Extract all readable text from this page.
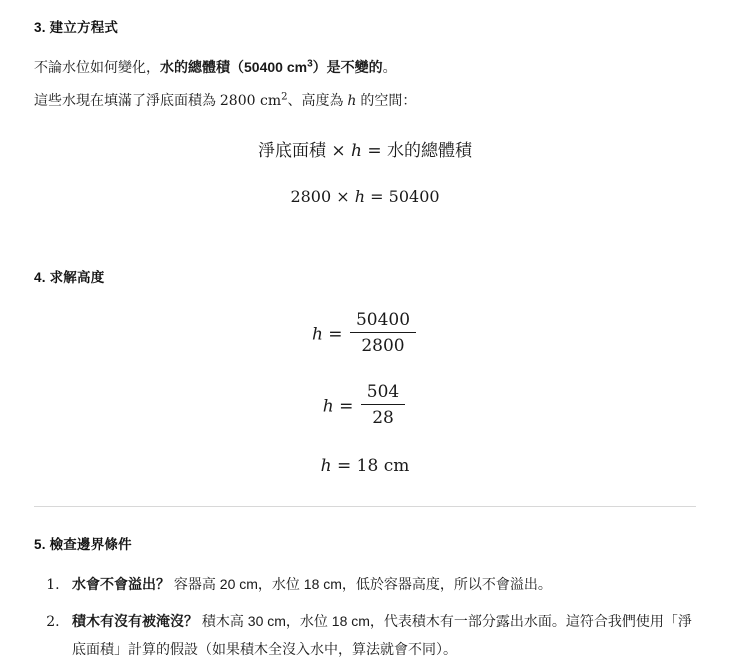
3. 建立方程式

不論水位如何變化，水的總體積（50400 $cm^3$）是不變的。

這些水現在填滿了淨底面積為 2800 $cm^2$、高度為 h 的空間：

淨底面積 × h = 水的總體積
2800 × h = 50400
4. 求解高度
$h = \frac{50400}{2800}$
$h = \frac{504}{28}$
h = 18 cm
5. 檢查邊界條件
1. 水會不會溢出？ 容器高 20 cm，水位 18 cm，低於容器高度，所以不會溢出。
2. 積木有沒有被淹沒？ 積木高 30 cm，水位 18 cm，代表積木有一部分露出水面。這符合我們使用「淨底面積」計算的假設（如果積木全沒入水中，算法就會不同）。
